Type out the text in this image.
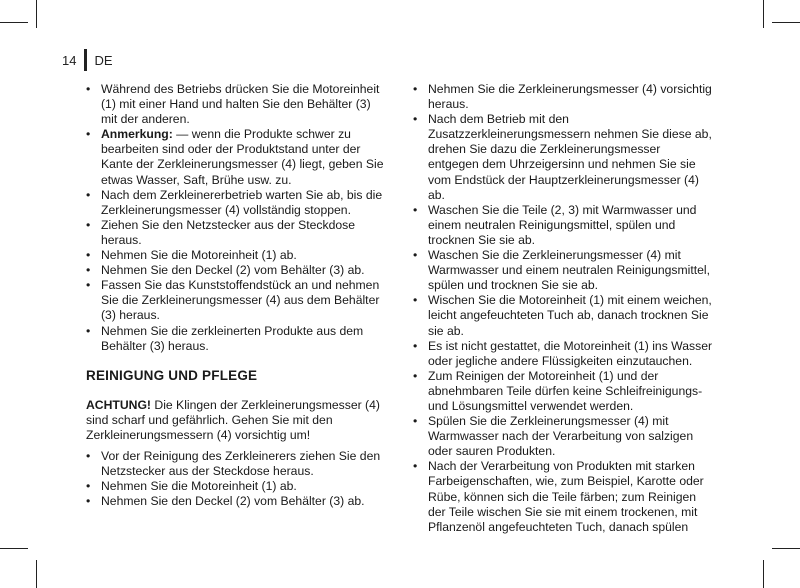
14 DE
• Während des Betriebs drücken Sie die Motoreinheit (1) mit einer Hand und halten Sie den Behälter (3) mit der anderen.
• Anmerkung: — wenn die Produkte schwer zu bearbeiten sind oder der Produktstand unter der Kante der Zerkleinerungsmesser (4) liegt, geben Sie etwas Wasser, Saft, Brühe usw. zu.
• Nach dem Zerkleinererbetrieb warten Sie ab, bis die Zerkleinerungsmesser (4) vollständig stoppen.
• Ziehen Sie den Netzstecker aus der Steckdose heraus.
• Nehmen Sie die Motoreinheit (1) ab.
• Nehmen Sie den Deckel (2) vom Behälter (3) ab.
• Fassen Sie das Kunststoffendstück an und nehmen Sie die Zerkleinerungsmesser (4) aus dem Behälter (3) heraus.
• Nehmen Sie die zerkleinerten Produkte aus dem Behälter (3) heraus.
REINIGUNG UND PFLEGE

ACHTUNG! Die Klingen der Zerkleinerungsmesser (4) sind scharf und gefährlich. Gehen Sie mit den Zerkleinerungsmessern (4) vorsichtig um!

• Vor der Reinigung des Zerkleinerers ziehen Sie den Netzstecker aus der Steckdose heraus.
• Nehmen Sie die Motoreinheit (1) ab.
• Nehmen Sie den Deckel (2) vom Behälter (3) ab.
• Nehmen Sie die Zerkleinerungsmesser (4) vorsichtig heraus.
• Nach dem Betrieb mit den Zusatzzerkleinerungsmessern nehmen Sie diese ab, drehen Sie dazu die Zerkleinerungsmesser entgegen dem Uhrzeigersinn und nehmen Sie sie vom Endstück der Hauptzerkleinerungsmesser (4) ab.
• Waschen Sie die Teile (2, 3) mit Warmwasser und einem neutralen Reinigungsmittel, spülen und trocknen Sie sie ab.
• Waschen Sie die Zerkleinerungsmesser (4) mit Warmwasser und einem neutralen Reinigungsmittel, spülen und trocknen Sie sie ab.
• Wischen Sie die Motoreinheit (1) mit einem weichen, leicht angefeuchteten Tuch ab, danach trocknen Sie sie ab.
• Es ist nicht gestattet, die Motoreinheit (1) ins Wasser oder jegliche andere Flüssigkeiten einzutauchen.
• Zum Reinigen der Motoreinheit (1) und der abnehmbaren Teile dürfen keine Schleifreinigungs- und Lösungsmittel verwendet werden.
• Spülen Sie die Zerkleinerungsmesser (4) mit Warmwasser nach der Verarbeitung von salzigen oder sauren Produkten.
• Nach der Verarbeitung von Produkten mit starken Farbeigenschaften, wie, zum Beispiel, Karotte oder Rübe, können sich die Teile färben; zum Reinigen der Teile wischen Sie sie mit einem trockenen, mit Pflanzenöl angefeuchteten Tuch, danach spülen
